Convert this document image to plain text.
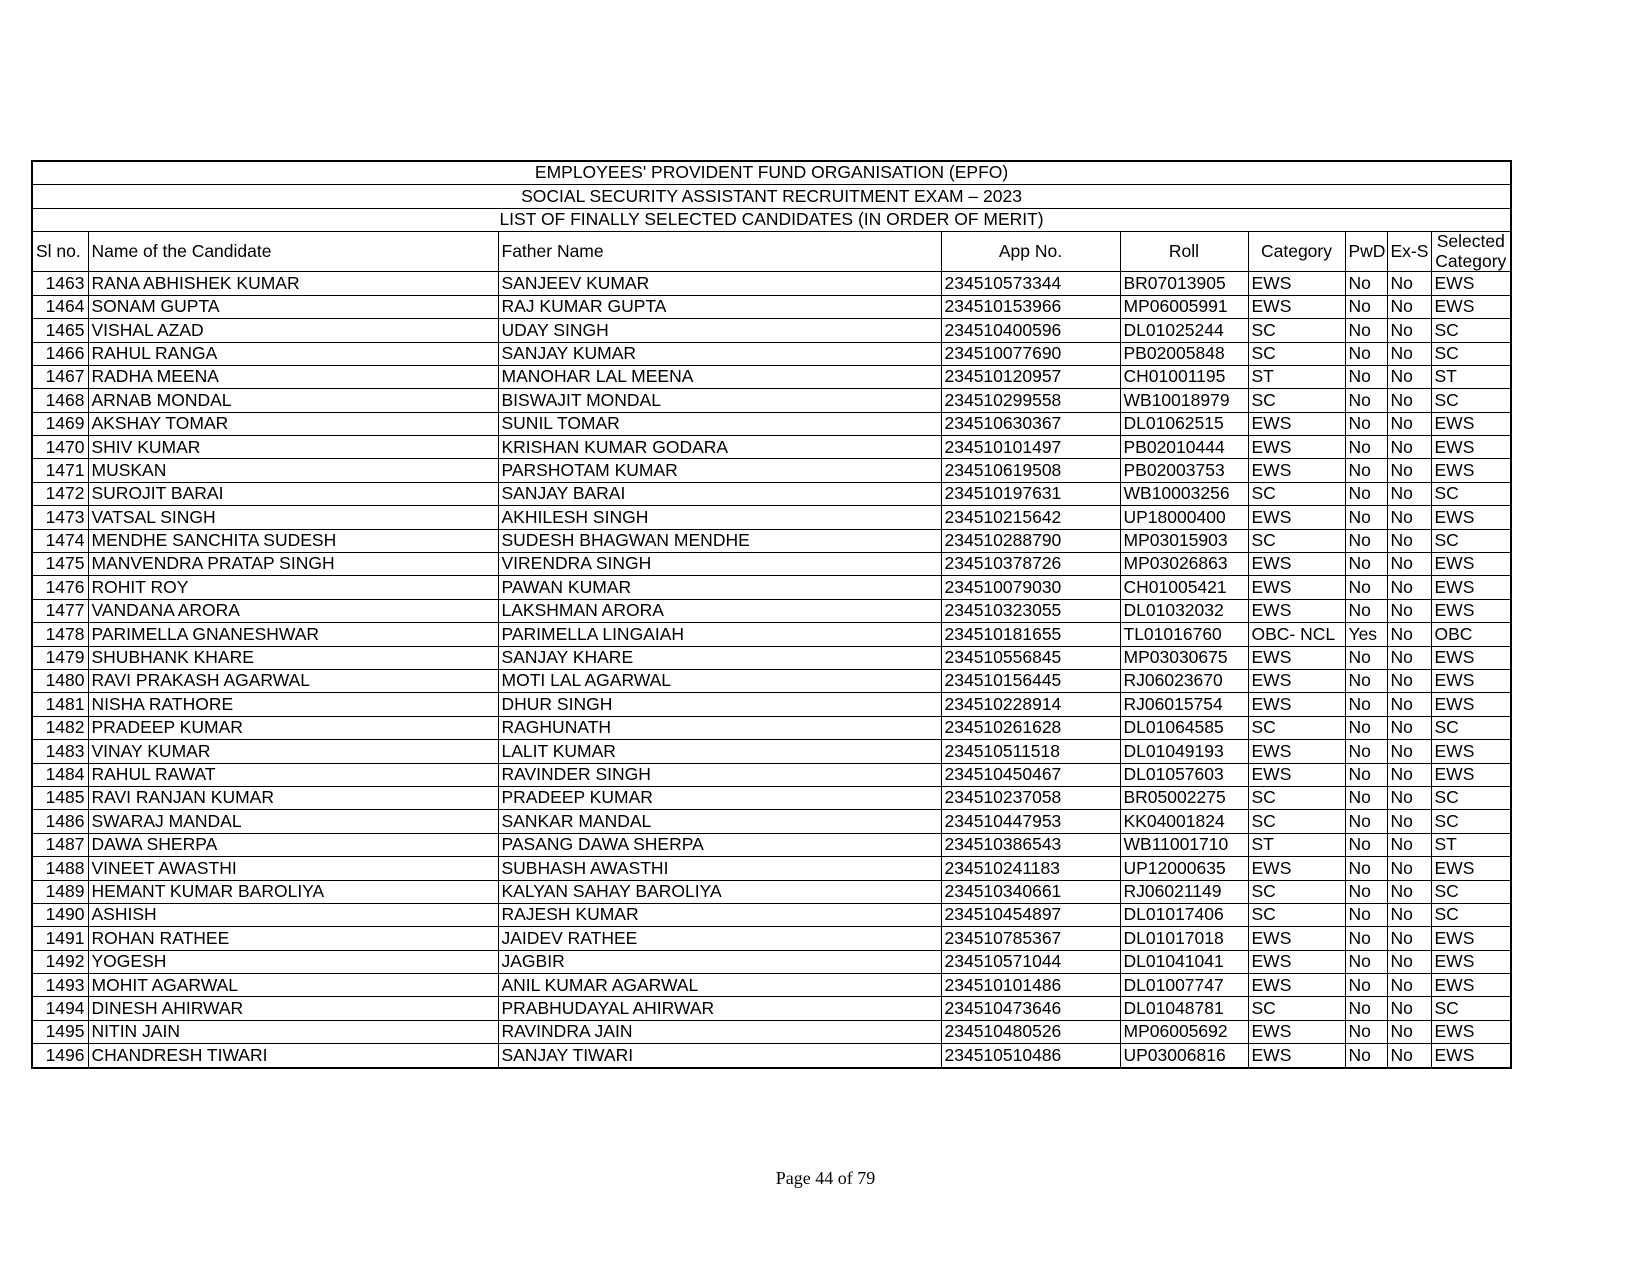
EMPLOYEES' PROVIDENT FUND ORGANISATION (EPFO)								
SOCIAL SECURITY ASSISTANT RECRUITMENT EXAM – 2023								
LIST OF FINALLY SELECTED CANDIDATES (IN ORDER OF MERIT)								
Sl no.	Name of the Candidate	Father Name	App No.	Roll	Category	PwD	Ex-S	Selected Category
1463	RANA ABHISHEK KUMAR	SANJEEV KUMAR	234510573344	BR07013905	EWS	No	No	EWS
1464	SONAM GUPTA	RAJ KUMAR GUPTA	234510153966	MP06005991	EWS	No	No	EWS
1465	VISHAL AZAD	UDAY SINGH	234510400596	DL01025244	SC	No	No	SC
1466	RAHUL RANGA	SANJAY KUMAR	234510077690	PB02005848	SC	No	No	SC
1467	RADHA MEENA	MANOHAR LAL MEENA	234510120957	CH01001195	ST	No	No	ST
1468	ARNAB MONDAL	BISWAJIT MONDAL	234510299558	WB10018979	SC	No	No	SC
1469	AKSHAY TOMAR	SUNIL TOMAR	234510630367	DL01062515	EWS	No	No	EWS
1470	SHIV KUMAR	KRISHAN KUMAR GODARA	234510101497	PB02010444	EWS	No	No	EWS
1471	MUSKAN	PARSHOTAM KUMAR	234510619508	PB02003753	EWS	No	No	EWS
1472	SUROJIT BARAI	SANJAY BARAI	234510197631	WB10003256	SC	No	No	SC
1473	VATSAL SINGH	AKHILESH SINGH	234510215642	UP18000400	EWS	No	No	EWS
1474	MENDHE SANCHITA SUDESH	SUDESH BHAGWAN MENDHE	234510288790	MP03015903	SC	No	No	SC
1475	MANVENDRA PRATAP SINGH	VIRENDRA SINGH	234510378726	MP03026863	EWS	No	No	EWS
1476	ROHIT ROY	PAWAN KUMAR	234510079030	CH01005421	EWS	No	No	EWS
1477	VANDANA ARORA	LAKSHMAN ARORA	234510323055	DL01032032	EWS	No	No	EWS
1478	PARIMELLA GNANESHWAR	PARIMELLA LINGAIAH	234510181655	TL01016760	OBC- NCL	Yes	No	OBC
1479	SHUBHANK KHARE	SANJAY KHARE	234510556845	MP03030675	EWS	No	No	EWS
1480	RAVI PRAKASH AGARWAL	MOTI LAL AGARWAL	234510156445	RJ06023670	EWS	No	No	EWS
1481	NISHA RATHORE	DHUR SINGH	234510228914	RJ06015754	EWS	No	No	EWS
1482	PRADEEP KUMAR	RAGHUNATH	234510261628	DL01064585	SC	No	No	SC
1483	VINAY KUMAR	LALIT KUMAR	234510511518	DL01049193	EWS	No	No	EWS
1484	RAHUL RAWAT	RAVINDER SINGH	234510450467	DL01057603	EWS	No	No	EWS
1485	RAVI RANJAN KUMAR	PRADEEP KUMAR	234510237058	BR05002275	SC	No	No	SC
1486	SWARAJ MANDAL	SANKAR MANDAL	234510447953	KK04001824	SC	No	No	SC
1487	DAWA SHERPA	PASANG DAWA SHERPA	234510386543	WB11001710	ST	No	No	ST
1488	VINEET AWASTHI	SUBHASH AWASTHI	234510241183	UP12000635	EWS	No	No	EWS
1489	HEMANT KUMAR BAROLIYA	KALYAN SAHAY BAROLIYA	234510340661	RJ06021149	SC	No	No	SC
1490	ASHISH	RAJESH KUMAR	234510454897	DL01017406	SC	No	No	SC
1491	ROHAN RATHEE	JAIDEV RATHEE	234510785367	DL01017018	EWS	No	No	EWS
1492	YOGESH	JAGBIR	234510571044	DL01041041	EWS	No	No	EWS
1493	MOHIT AGARWAL	ANIL KUMAR AGARWAL	234510101486	DL01007747	EWS	No	No	EWS
1494	DINESH AHIRWAR	PRABHUDAYAL AHIRWAR	234510473646	DL01048781	SC	No	No	SC
1495	NITIN JAIN	RAVINDRA JAIN	234510480526	MP06005692	EWS	No	No	EWS
1496	CHANDRESH TIWARI	SANJAY TIWARI	234510510486	UP03006816	EWS	No	No	EWS
Page 44 of 79
